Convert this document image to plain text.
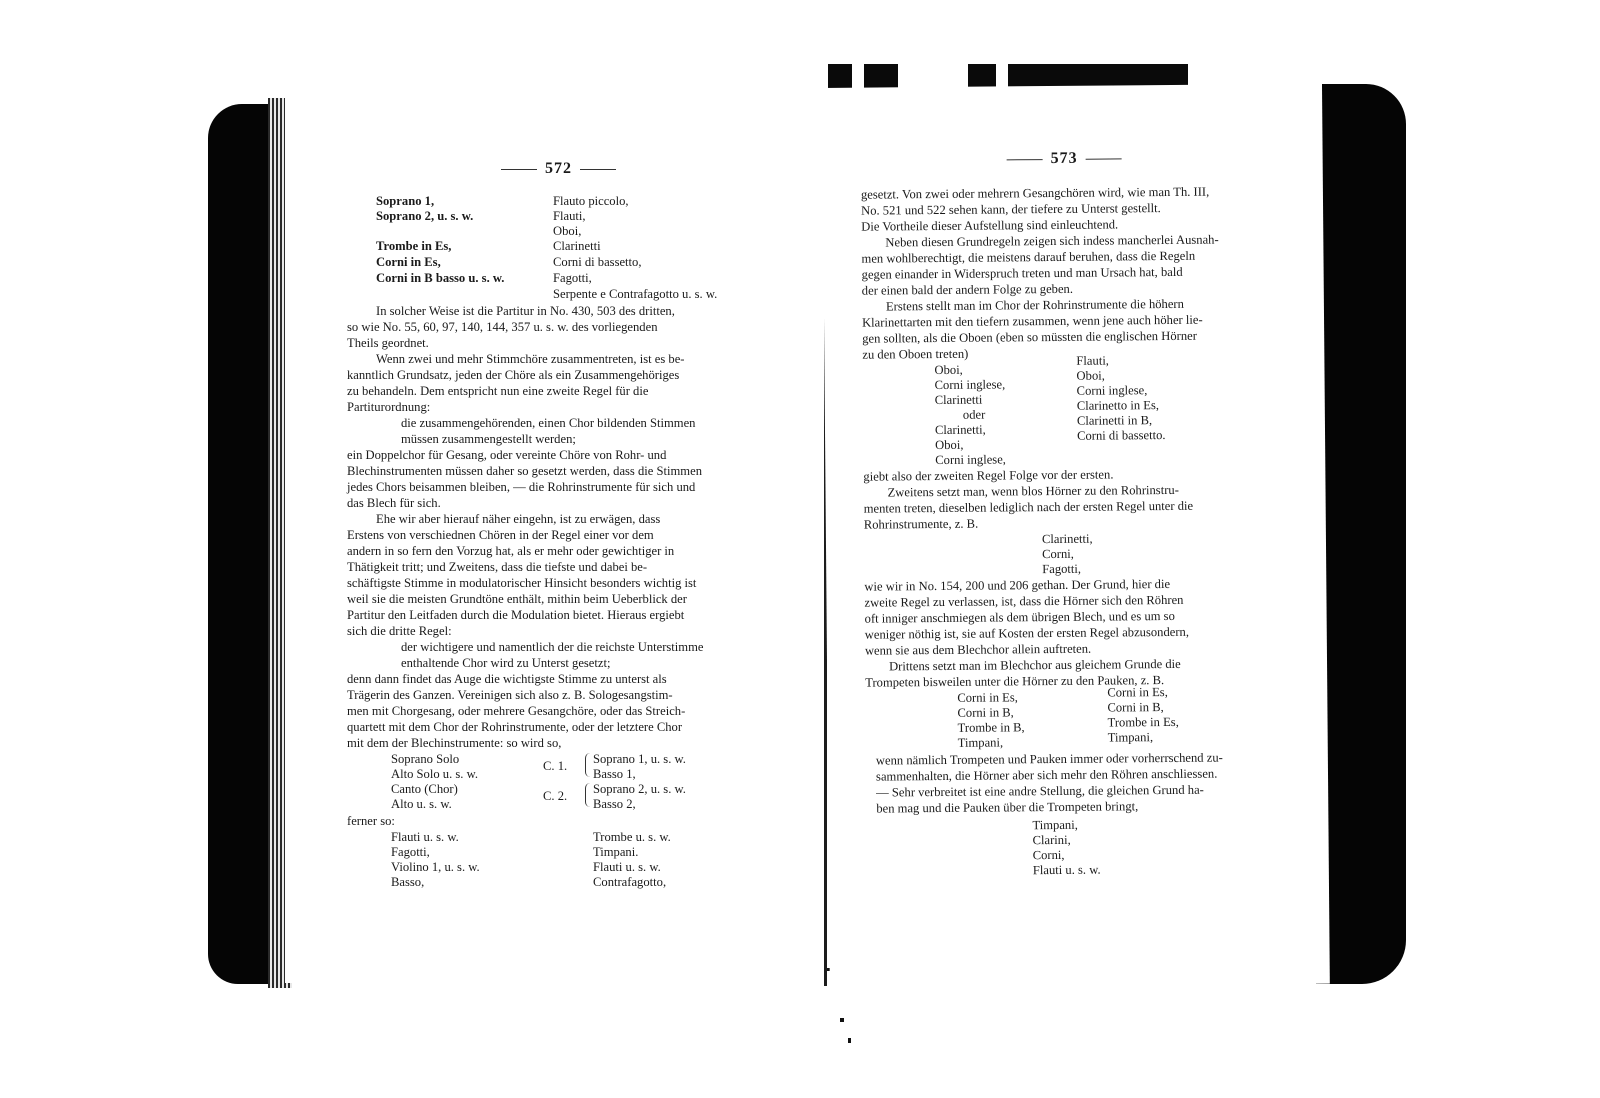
572
Soprano 1,
Soprano 2, u. s. w.
Trombe in Es,
Corni in Es,
Corni in B basso u. s. w.
Flauto piccolo,
Flauti,
Oboi,
Clarinetti
Corni di bassetto,
Fagotti,
Serpente e Contrafagotto u. s. w.
In solcher Weise ist die Partitur in No. 430, 503 des dritten,
so wie No. 55, 60, 97, 140, 144, 357 u. s. w. des vorliegenden
Theils geordnet.
Wenn zwei und mehr Stimmchöre zusammentreten, ist es be-
kanntlich Grundsatz, jeden der Chöre als ein Zusammengehöriges
zu behandeln. Dem entspricht nun eine zweite Regel für die
Partiturordnung:
die zusammengehörenden, einen Chor bildenden Stimmen
müssen zusammengestellt werden;
ein Doppelchor für Gesang, oder vereinte Chöre von Rohr- und
Blechinstrumenten müssen daher so gesetzt werden, dass die Stimmen
jedes Chors beisammen bleiben, — die Rohrinstrumente für sich und
das Blech für sich.
Ehe wir aber hierauf näher eingehn, ist zu erwägen, dass
Erstens von verschiednen Chören in der Regel einer vor dem
andern in so fern den Vorzug hat, als er mehr oder gewichtiger in
Thätigkeit tritt; und Zweitens, dass die tiefste und dabei be-
schäftigste Stimme in modulatorischer Hinsicht besonders wichtig ist
weil sie die meisten Grundtöne enthält, mithin beim Ueberblick der
Partitur den Leitfaden durch die Modulation bietet. Hieraus ergiebt
sich die dritte Regel:
der wichtigere und namentlich der die reichste Unterstimme
enthaltende Chor wird zu Unterst gesetzt;
denn dann findet das Auge die wichtigste Stimme zu unterst als
Trägerin des Ganzen. Vereinigen sich also z. B. Sologesangstim-
men mit Chorgesang, oder mehrere Gesangchöre, oder das Streich-
quartett mit dem Chor der Rohrinstrumente, oder der letztere Chor
mit dem der Blechinstrumente: so wird so,
Soprano Solo
Alto Solo u. s. w.
Canto (Chor)
Alto u. s. w.
C. 1.
C. 2.
Soprano 1, u. s. w.
Basso 1,
Soprano 2, u. s. w.
Basso 2,
ferner so:
Flauti u. s. w.
Fagotti,
Violino 1, u. s. w.
Basso,
Trombe u. s. w.
Timpani.
Flauti u. s. w.
Contrafagotto,
573
gesetzt. Von zwei oder mehrern Gesangchören wird, wie man Th. III,
No. 521 und 522 sehen kann, der tiefere zu Unterst gestellt.
Die Vortheile dieser Aufstellung sind einleuchtend.
Neben diesen Grundregeln zeigen sich indess mancherlei Ausnah-
men wohlberechtigt, die meistens darauf beruhen, dass die Regeln
gegen einander in Widerspruch treten und man Ursach hat, bald
der einen bald der andern Folge zu geben.
Erstens stellt man im Chor der Rohrinstrumente die höhern
Klarinettarten mit den tiefern zusammen, wenn jene auch höher lie-
gen sollten, als die Oboen (eben so müssten die englischen Hörner
zu den Oboen treten)
Oboi,
Corni inglese,
Clarinetti
oder
Clarinetti,
Oboi,
Corni inglese,
Flauti,
Oboi,
Corni inglese,
Clarinetto in Es,
Clarinetti in B,
Corni di bassetto.
giebt also der zweiten Regel Folge vor der ersten.
Zweitens setzt man, wenn blos Hörner zu den Rohrinstru-
menten treten, dieselben lediglich nach der ersten Regel unter die
Rohrinstrumente, z. B.
Clarinetti,
Corni,
Fagotti,
wie wir in No. 154, 200 und 206 gethan. Der Grund, hier die
zweite Regel zu verlassen, ist, dass die Hörner sich den Röhren
oft inniger anschmiegen als dem übrigen Blech, und es um so
weniger nöthig ist, sie auf Kosten der ersten Regel abzusondern,
wenn sie aus dem Blechchor allein auftreten.
Drittens setzt man im Blechchor aus gleichem Grunde die
Trompeten bisweilen unter die Hörner zu den Pauken, z. B.
Corni in Es,
Corni in B,
Trombe in B,
Timpani,
Corni in Es,
Corni in B,
Trombe in Es,
Timpani,
wenn nämlich Trompeten und Pauken immer oder vorherrschend zu-
sammenhalten, die Hörner aber sich mehr den Röhren anschliessen.
— Sehr verbreitet ist eine andre Stellung, die gleichen Grund ha-
ben mag und die Pauken über die Trompeten bringt,
Timpani,
Clarini,
Corni,
Flauti u. s. w.
